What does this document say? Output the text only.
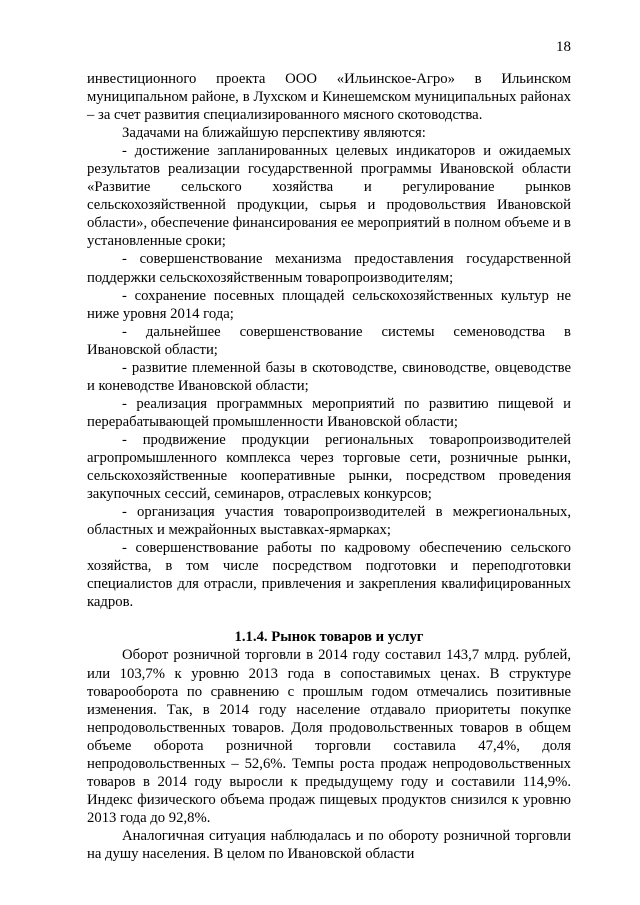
18

инвестиционного проекта ООО «Ильинское-Агро» в Ильинском муниципальном районе, в Лухском и Кинешемском муниципальных районах – за счет развития специализированного мясного скотоводства.

Задачами на ближайшую перспективу являются:

- достижение запланированных целевых индикаторов и ожидаемых результатов реализации государственной программы Ивановской области «Развитие сельского хозяйства и регулирование рынков сельскохозяйственной продукции, сырья и продовольствия Ивановской области», обеспечение финансирования ее мероприятий в полном объеме и в установленные сроки;

- совершенствование механизма предоставления государственной поддержки сельскохозяйственным товаропроизводителям;

- сохранение посевных площадей сельскохозяйственных культур не ниже уровня 2014 года;

- дальнейшее совершенствование системы семеноводства в Ивановской области;

- развитие племенной базы в скотоводстве, свиноводстве, овцеводстве и коневодстве Ивановской области;

- реализация программных мероприятий по развитию пищевой и перерабатывающей промышленности Ивановской области;

- продвижение продукции региональных товаропроизводителей агропромышленного комплекса через торговые сети, розничные рынки, сельскохозяйственные кооперативные рынки, посредством проведения закупочных сессий, семинаров, отраслевых конкурсов;

- организация участия товаропроизводителей в межрегиональных, областных и межрайонных выставках-ярмарках;

- совершенствование работы по кадровому обеспечению сельского хозяйства, в том числе посредством подготовки и переподготовки специалистов для отрасли, привлечения и закрепления квалифицированных кадров.

1.1.4. Рынок товаров и услуг

Оборот розничной торговли в 2014 году составил 143,7 млрд. рублей, или 103,7% к уровню 2013 года в сопоставимых ценах. В структуре товарооборота по сравнению с прошлым годом отмечались позитивные изменения. Так, в 2014 году население отдавало приоритеты покупке непродовольственных товаров. Доля продовольственных товаров в общем объеме оборота розничной торговли составила 47,4%, доля непродовольственных – 52,6%. Темпы роста продаж непродовольственных товаров в 2014 году выросли к предыдущему году и составили 114,9%. Индекс физического объема продаж пищевых продуктов снизился к уровню 2013 года до 92,8%.

Аналогичная ситуация наблюдалась и по обороту розничной торговли на душу населения. В целом по Ивановской области
